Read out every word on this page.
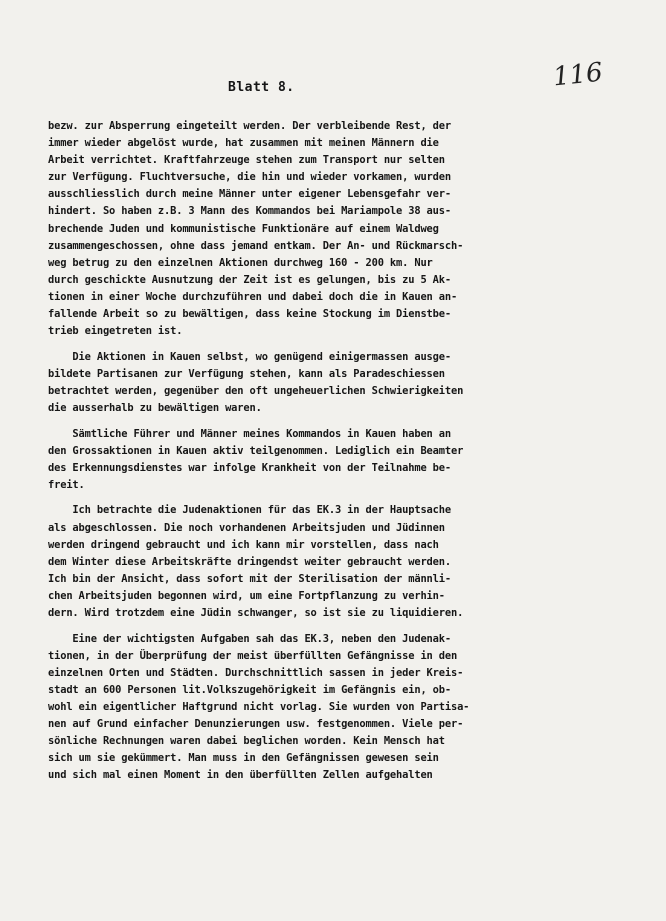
Blatt 8.	116
bezw. zur Absperrung eingeteilt werden. Der verbleibende Rest, der
immer wieder abgelöst wurde, hat zusammen mit meinen Männern die
Arbeit verrichtet. Kraftfahrzeuge stehen zum Transport nur selten
zur Verfügung. Fluchtversuche, die hin und wieder vorkamen, wurden
ausschliesslich durch meine Männer unter eigener Lebensgefahr ver-
hindert. So haben z.B. 3 Mann des Kommandos bei Mariampole 38 aus-
brechende Juden und kommunistische Funktionäre auf einem Waldweg
zusammengeschossen, ohne dass jemand entkam. Der An- und Rückmarsch-
weg betrug zu den einzelnen Aktionen durchweg 160 - 200 km. Nur
durch geschickte Ausnutzung der Zeit ist es gelungen, bis zu 5 Ak-
tionen in einer Woche durchzuführen und dabei doch die in Kauen an-
fallende Arbeit so zu bewältigen, dass keine Stockung im Dienstbe-
trieb eingetreten ist.
Die Aktionen in Kauen selbst, wo genügend einigermassen ausge-
bildete Partisanen zur Verfügung stehen, kann als Paradeschiessen
betrachtet werden, gegenüber den oft ungeheuerlichen Schwierigkeiten
die ausserhalb zu bewältigen waren.
Sämtliche Führer und Männer meines Kommandos in Kauen haben an
den Grossaktionen in Kauen aktiv teilgenommen. Lediglich ein Beamter
des Erkennungsdienstes war infolge Krankheit von der Teilnahme be-
freit.
Ich betrachte die Judenaktionen für das EK.3 in der Hauptsache
als abgeschlossen. Die noch vorhandenen Arbeitsjuden und Jüdinnen
werden dringend gebraucht und ich kann mir vorstellen, dass nach
dem Winter diese Arbeitskräfte dringendst weiter gebraucht werden.
Ich bin der Ansicht, dass sofort mit der Sterilisation der männli-
chen Arbeitsjuden begonnen wird, um eine Fortpflanzung zu verhin-
dern. Wird trotzdem eine Jüdin schwanger, so ist sie zu liquidieren.
Eine der wichtigsten Aufgaben sah das EK.3, neben den Judenak-
tionen, in der Überprüfung der meist überfüllten Gefängnisse in den
einzelnen Orten und Städten. Durchschnittlich sassen in jeder Kreis-
stadt an 600 Personen lit.Volkszugehörigkeit im Gefängnis ein, ob-
wohl ein eigentlicher Haftgrund nicht vorlag. Sie wurden von Partisa-
nen auf Grund einfacher Denunzierungen usw. festgenommen. Viele per-
sönliche Rechnungen waren dabei beglichen worden. Kein Mensch hat
sich um sie gekümmert. Man muss in den Gefängnissen gewesen sein
und sich mal einen Moment in den überfüllten Zellen aufgehalten
